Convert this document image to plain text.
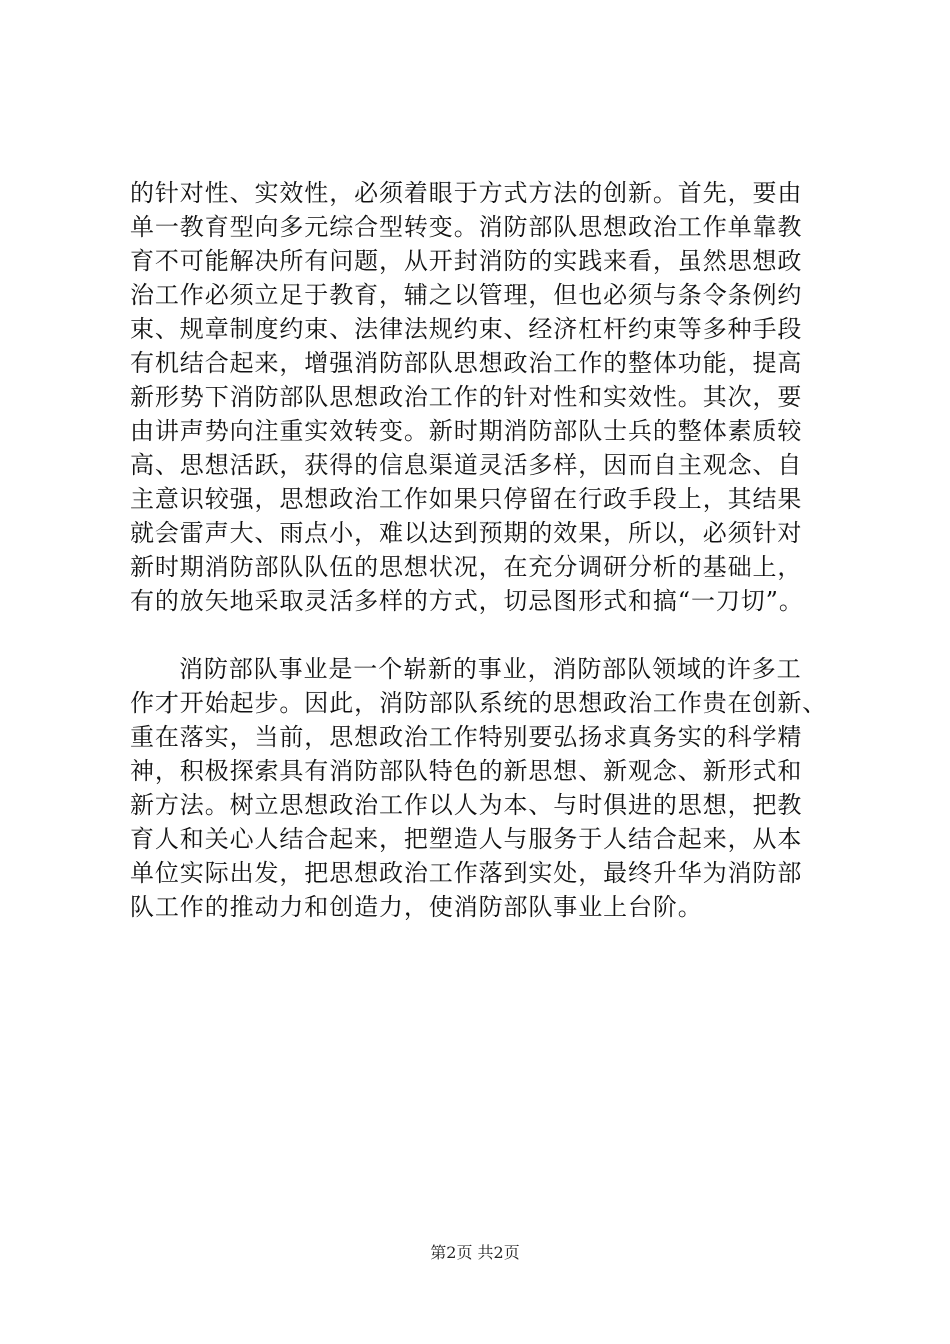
的针对性、实效性，必须着眼于方式方法的创新。首先，要由
单一教育型向多元综合型转变。消防部队思想政治工作单靠教
育不可能解决所有问题，从开封消防的实践来看，虽然思想政
治工作必须立足于教育，辅之以管理，但也必须与条令条例约
束、规章制度约束、法律法规约束、经济杠杆约束等多种手段
有机结合起来，增强消防部队思想政治工作的整体功能，提高
新形势下消防部队思想政治工作的针对性和实效性。其次，要
由讲声势向注重实效转变。新时期消防部队士兵的整体素质较
高、思想活跃，获得的信息渠道灵活多样，因而自主观念、自
主意识较强，思想政治工作如果只停留在行政手段上，其结果
就会雷声大、雨点小，难以达到预期的效果，所以，必须针对
新时期消防部队队伍的思想状况，在充分调研分析的基础上，
有的放矢地采取灵活多样的方式，切忌图形式和搞“一刀切”。
消防部队事业是一个崭新的事业，消防部队领域的许多工
作才开始起步。因此，消防部队系统的思想政治工作贵在创新、
重在落实，当前，思想政治工作特别要弘扬求真务实的科学精
神，积极探索具有消防部队特色的新思想、新观念、新形式和
新方法。树立思想政治工作以人为本、与时俱进的思想，把教
育人和关心人结合起来，把塑造人与服务于人结合起来，从本
单位实际出发，把思想政治工作落到实处，最终升华为消防部
队工作的推动力和创造力，使消防部队事业上台阶。
第2页 共2页
